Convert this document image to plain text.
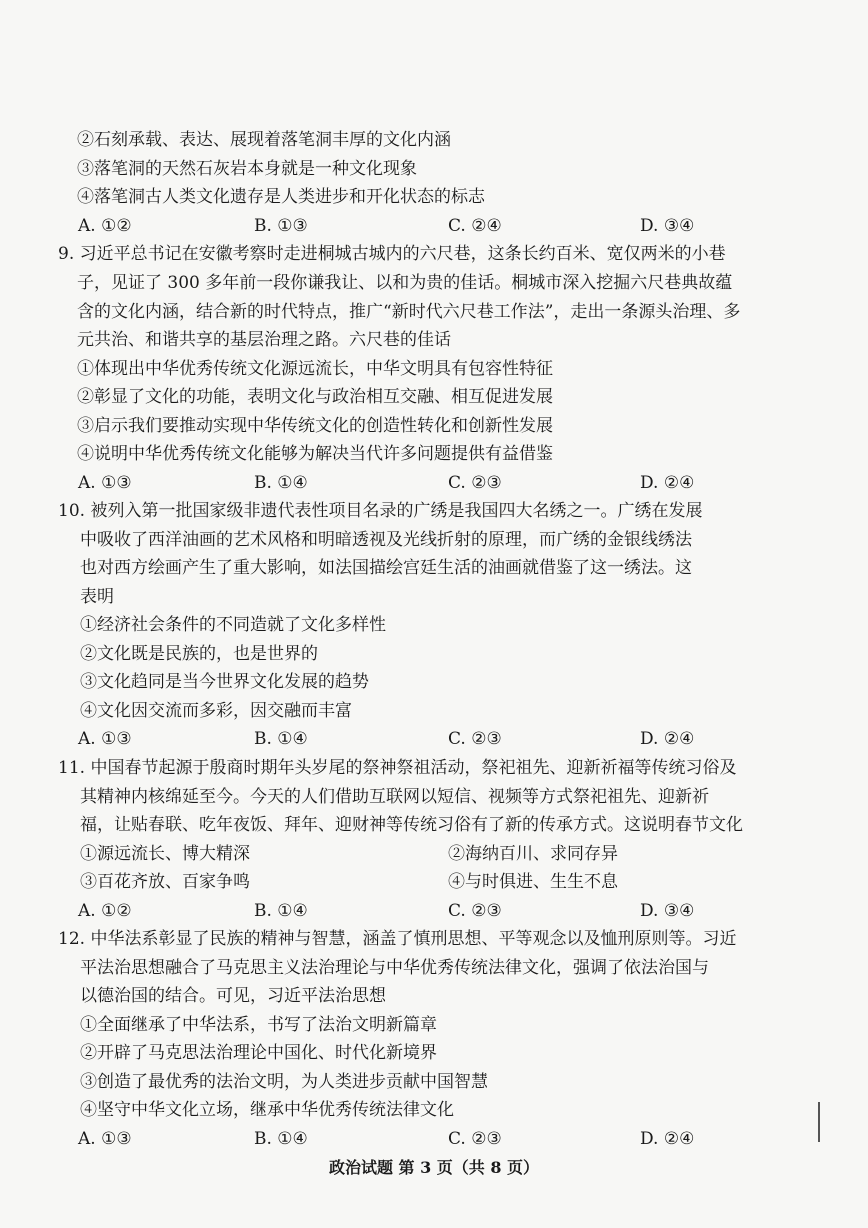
②石刻承载、表达、展现着落笔洞丰厚的文化内涵
③落笔洞的天然石灰岩本身就是一种文化现象
④落笔洞古人类文化遗存是人类进步和开化状态的标志
A. ①②	B. ①③	C. ②④	D. ③④
9. 习近平总书记在安徽考察时走进桐城古城内的六尺巷，这条长约百米、宽仅两米的小巷
子，见证了 300 多年前一段你谦我让、以和为贵的佳话。桐城市深入挖掘六尺巷典故蕴
含的文化内涵，结合新的时代特点，推广“新时代六尺巷工作法”，走出一条源头治理、多
元共治、和谐共享的基层治理之路。六尺巷的佳话
①体现出中华优秀传统文化源远流长，中华文明具有包容性特征
②彰显了文化的功能，表明文化与政治相互交融、相互促进发展
③启示我们要推动实现中华传统文化的创造性转化和创新性发展
④说明中华优秀传统文化能够为解决当代许多问题提供有益借鉴
A. ①③	B. ①④	C. ②③	D. ②④
10. 被列入第一批国家级非遗代表性项目名录的广绣是我国四大名绣之一。广绣在发展
中吸收了西洋油画的艺术风格和明暗透视及光线折射的原理，而广绣的金银线绣法
也对西方绘画产生了重大影响，如法国描绘宫廷生活的油画就借鉴了这一绣法。这
表明
①经济社会条件的不同造就了文化多样性
②文化既是民族的，也是世界的
③文化趋同是当今世界文化发展的趋势
④文化因交流而多彩，因交融而丰富
A. ①③	B. ①④	C. ②③	D. ②④
11. 中国春节起源于殷商时期年头岁尾的祭神祭祖活动，祭祀祖先、迎新祈福等传统习俗及
其精神内核绵延至今。今天的人们借助互联网以短信、视频等方式祭祀祖先、迎新祈
福，让贴春联、吃年夜饭、拜年、迎财神等传统习俗有了新的传承方式。这说明春节文化
①源远流长、博大精深	②海纳百川、求同存异
③百花齐放、百家争鸣	④与时俱进、生生不息
A. ①②	B. ①④	C. ②③	D. ③④
12. 中华法系彰显了民族的精神与智慧，涵盖了慎刑思想、平等观念以及恤刑原则等。习近
平法治思想融合了马克思主义法治理论与中华优秀传统法律文化，强调了依法治国与
以德治国的结合。可见，习近平法治思想
①全面继承了中华法系，书写了法治文明新篇章
②开辟了马克思法治理论中国化、时代化新境界
③创造了最优秀的法治文明，为人类进步贡献中国智慧
④坚守中华文化立场，继承中华优秀传统法律文化
A. ①③	B. ①④	C. ②③	D. ②④
政治试题 第 3 页（共 8 页）
